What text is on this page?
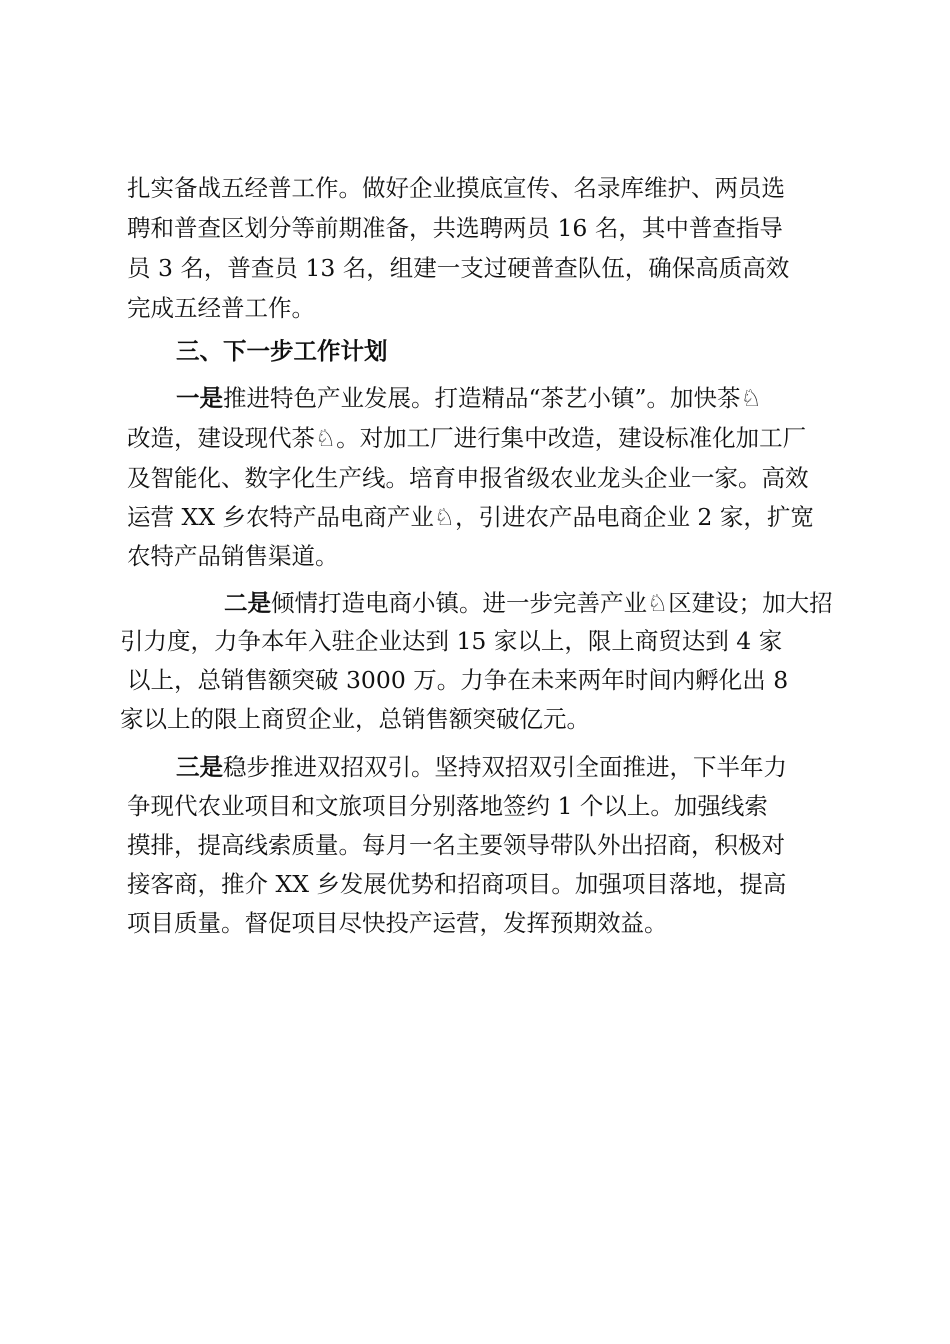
扎实备战五经普工作。做好企业摸底宣传、名录库维护、两员选
聘和普查区划分等前期准备，共选聘两员 16 名，其中普查指导
员 3 名，普查员 13 名，组建一支过硬普查队伍，确保高质高效
完成五经普工作。
三、下一步工作计划
一是推进特色产业发展。打造精品“茶艺小镇”。加快茶♘
改造，建设现代茶♘。对加工厂进行集中改造，建设标准化加工厂
及智能化、数字化生产线。培育申报省级农业龙头企业一家。高效
运营 XX 乡农特产品电商产业♘，引进农产品电商企业 2 家，扩宽
农特产品销售渠道。
二是倾情打造电商小镇。进一步完善产业♘区建设；加大招
引力度，力争本年入驻企业达到 15 家以上，限上商贸达到 4 家
以上，总销售额突破 3000 万。力争在未来两年时间内孵化出 8
家以上的限上商贸企业，总销售额突破亿元。
三是稳步推进双招双引。坚持双招双引全面推进，下半年力
争现代农业项目和文旅项目分别落地签约 1 个以上。加强线索
摸排，提高线索质量。每月一名主要领导带队外出招商，积极对
接客商，推介 XX 乡发展优势和招商项目。加强项目落地，提高
项目质量。督促项目尽快投产运营，发挥预期效益。
